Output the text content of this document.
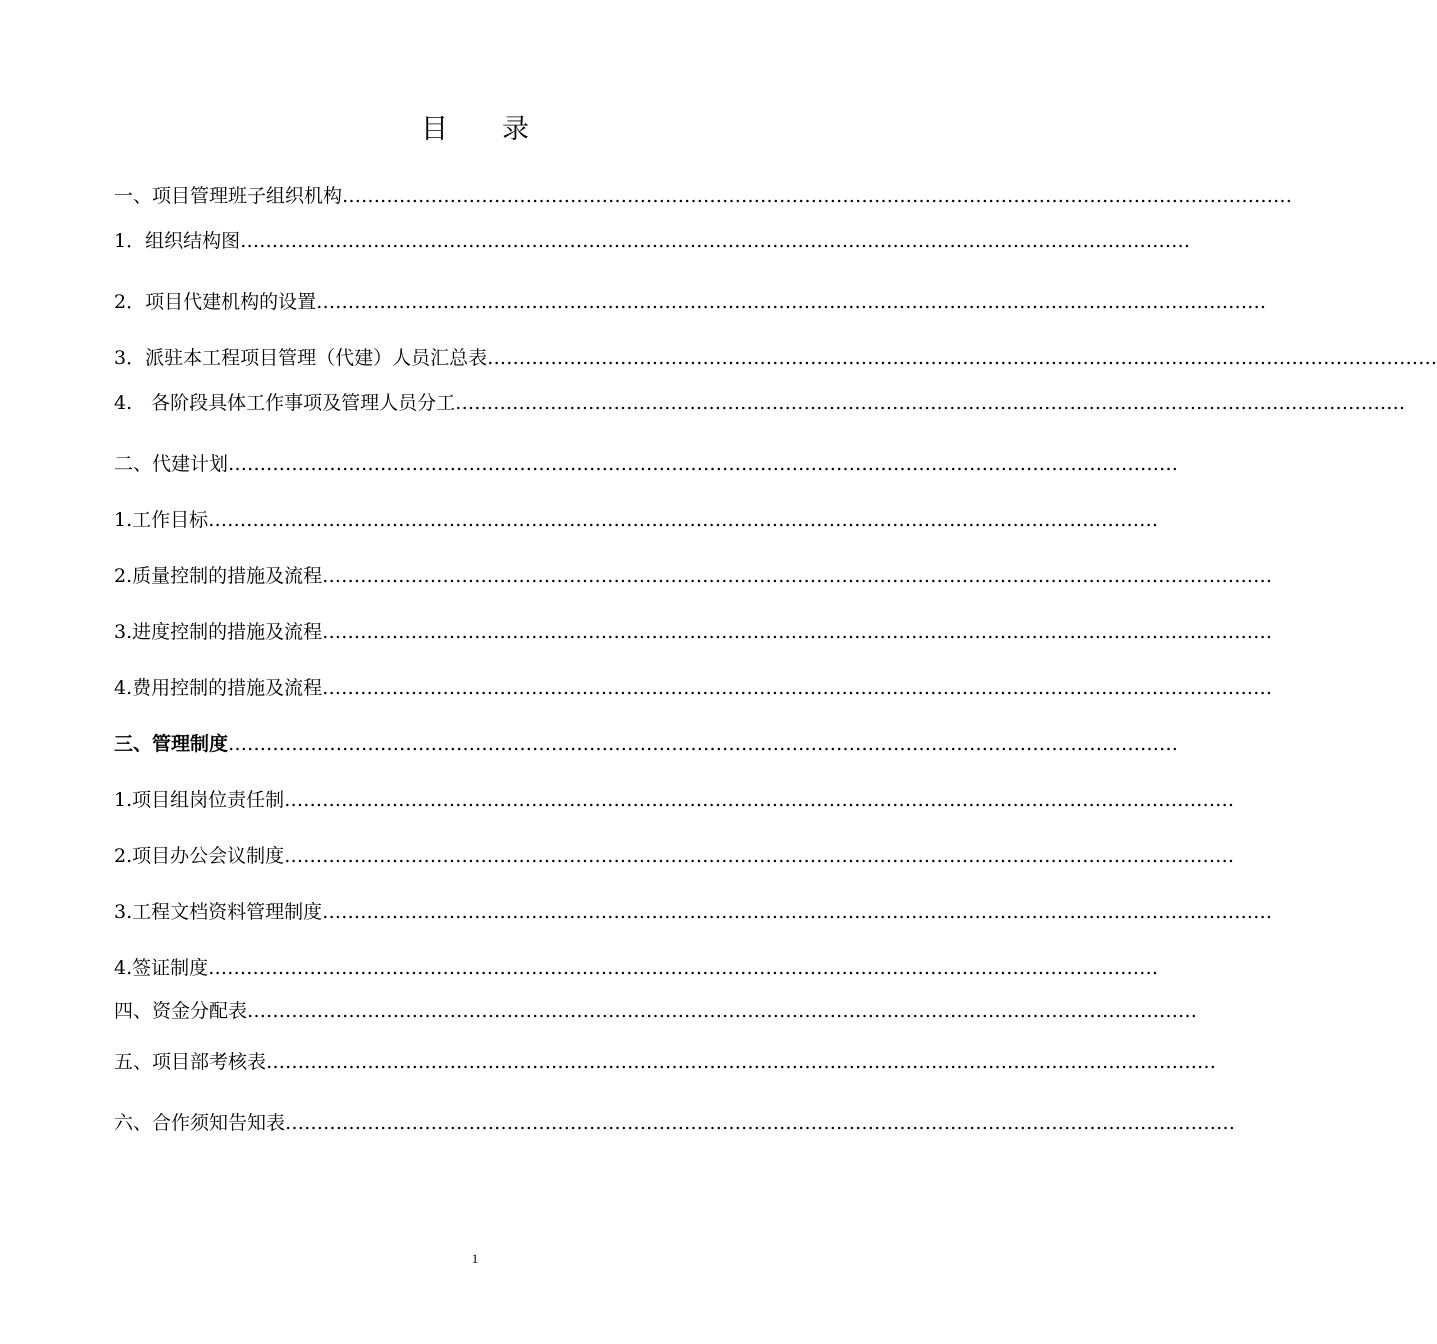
目　　录
一、项目管理班子组织机构 ……………………………………………………………………………………………………………………………………
1．组织结构图 ……………………………………………………………………………………………………………………………………
2．项目代建机构的设置 ……………………………………………………………………………………………………………………………………
3．派驻本工程项目管理（代建）人员汇总表 ……………………………………………………………………………………………………………………………………
4.　各阶段具体工作事项及管理人员分工 ……………………………………………………………………………………………………………………………………
二、代建计划 ……………………………………………………………………………………………………………………………………
1.工作目标 ……………………………………………………………………………………………………………………………………
2.质量控制的措施及流程 ……………………………………………………………………………………………………………………………………
3.进度控制的措施及流程 ……………………………………………………………………………………………………………………………………
4.费用控制的措施及流程 ……………………………………………………………………………………………………………………………………
三、管理制度 ……………………………………………………………………………………………………………………………………
1.项目组岗位责任制 ……………………………………………………………………………………………………………………………………
2.项目办公会议制度 ……………………………………………………………………………………………………………………………………
3.工程文档资料管理制度 ……………………………………………………………………………………………………………………………………
4.签证制度 ……………………………………………………………………………………………………………………………………
四、资金分配表 ……………………………………………………………………………………………………………………………………
五、项目部考核表 ……………………………………………………………………………………………………………………………………
六、合作须知告知表 ……………………………………………………………………………………………………………………………………
1
